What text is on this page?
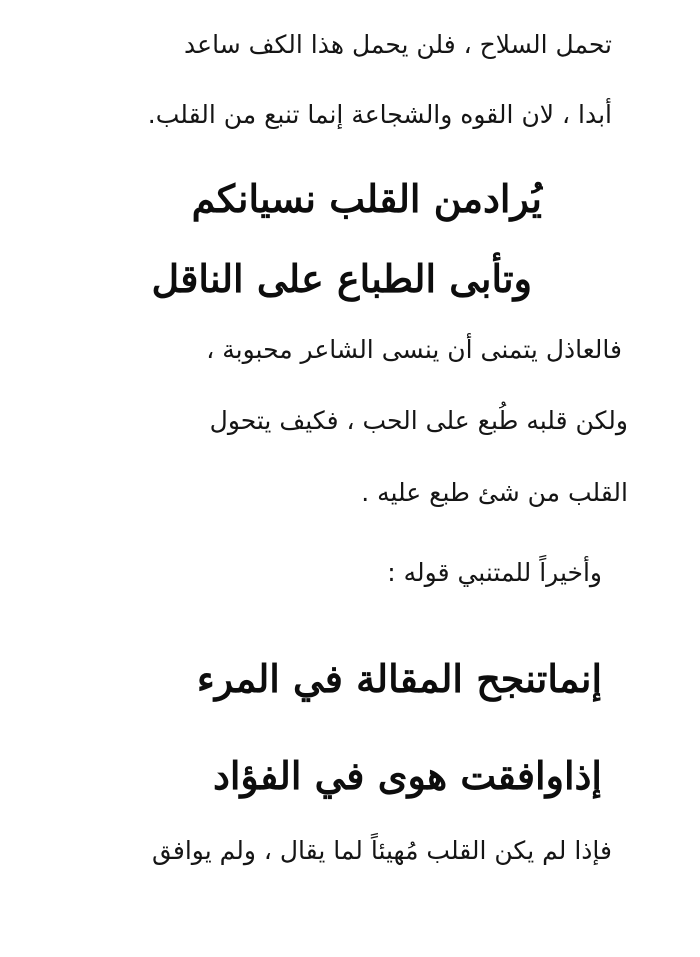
تحمل السلاح ، فلن يحمل هذا الكف ساعد
أبدا ، لان القوه والشجاعة إنما تنبع من القلب.
يُرادمن القلب نسيانكم
وتأبى الطباع على الناقل
فالعاذل يتمنى أن ينسى الشاعر محبوبة ،
ولكن قلبه طُبع على الحب ، فكيف يتحول
القلب من شئ طبع عليه .
وأخيراً للمتنبي قوله :
إنماتنجح المقالة في المرء
إذاوافقت هوى في الفؤاد
فإذا لم يكن القلب مُهيئاً لما يقال ، ولم يوافق
